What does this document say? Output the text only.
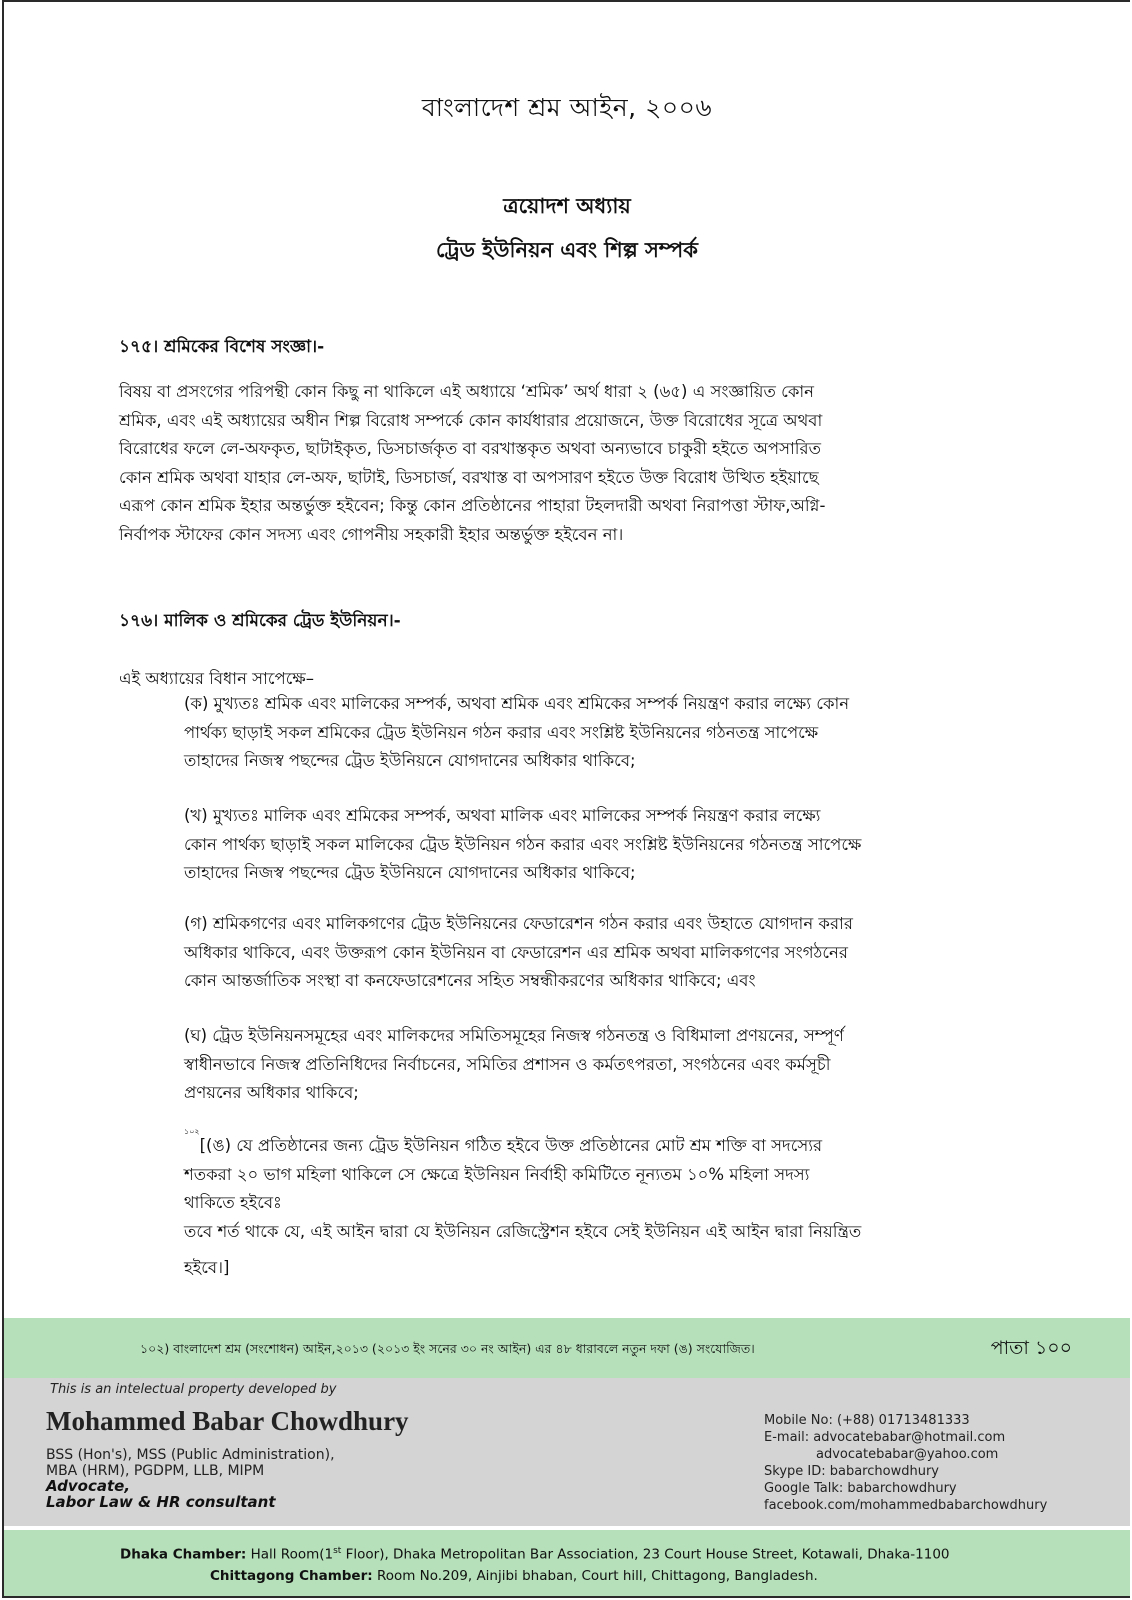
বাংলাদেশ শ্রম আইন, ২০০৬
ত্রয়োদশ অধ্যায়
ট্রেড ইউনিয়ন এবং শিল্প সম্পর্ক
১৭৫। শ্রমিকের বিশেষ সংজ্ঞা।-
বিষয় বা প্রসংগের পরিপন্থী কোন কিছু না থাকিলে এই অধ্যায়ে ‘শ্রমিক’ অর্থ ধারা ২ (৬৫) এ সংজ্ঞায়িত কোন
শ্রমিক, এবং এই অধ্যায়ের অধীন শিল্প বিরোধ সম্পর্কে কোন কার্যধারার প্রয়োজনে, উক্ত বিরোধের সূত্রে অথবা
বিরোধের ফলে লে-অফকৃত, ছাটাইকৃত, ডিসচার্জকৃত বা বরখাস্তকৃত অথবা অন্যভাবে চাকুরী হইতে অপসারিত
কোন শ্রমিক অথবা যাহার লে-অফ, ছাটাই, ডিসচার্জ, বরখাস্ত বা অপসারণ হইতে উক্ত বিরোধ উত্থিত হইয়াছে
এরূপ কোন শ্রমিক ইহার অন্তর্ভুক্ত হইবেন; কিন্তু কোন প্রতিষ্ঠানের পাহারা টহলদারী অথবা নিরাপত্তা স্টাফ,অগ্নি-
নির্বাপক স্টাফের কোন সদস্য এবং গোপনীয় সহকারী ইহার অন্তর্ভুক্ত হইবেন না।
১৭৬। মালিক ও শ্রমিকের ট্রেড ইউনিয়ন।-
এই অধ্যায়ের বিধান সাপেক্ষে–
(ক) মুখ্যতঃ শ্রমিক এবং মালিকের সম্পর্ক, অথবা শ্রমিক এবং শ্রমিকের সম্পর্ক নিয়ন্ত্রণ করার লক্ষ্যে কোন
পার্থক্য ছাড়াই সকল শ্রমিকের ট্রেড ইউনিয়ন গঠন করার এবং সংশ্লিষ্ট ইউনিয়নের গঠনতন্ত্র সাপেক্ষে
তাহাদের নিজস্ব পছন্দের ট্রেড ইউনিয়নে যোগদানের অধিকার থাকিবে;
(খ) মুখ্যতঃ মালিক এবং শ্রমিকের সম্পর্ক, অথবা মালিক এবং মালিকের সম্পর্ক নিয়ন্ত্রণ করার লক্ষ্যে
কোন পার্থক্য ছাড়াই সকল মালিকের ট্রেড ইউনিয়ন গঠন করার এবং সংশ্লিষ্ট ইউনিয়নের গঠনতন্ত্র সাপেক্ষে
তাহাদের নিজস্ব পছন্দের ট্রেড ইউনিয়নে যোগদানের অধিকার থাকিবে;
(গ) শ্রমিকগণের এবং মালিকগণের ট্রেড ইউনিয়নের ফেডারেশন গঠন করার এবং উহাতে যোগদান করার
অধিকার থাকিবে, এবং উক্তরূপ কোন ইউনিয়ন বা ফেডারেশন এর শ্রমিক অথবা মালিকগণের সংগঠনের
কোন আন্তর্জাতিক সংস্থা বা কনফেডারেশনের সহিত সম্বন্ধীকরণের অধিকার থাকিবে; এবং
(ঘ) ট্রেড ইউনিয়নসমূহের এবং মালিকদের সমিতিসমূহের নিজস্ব গঠনতন্ত্র ও বিধিমালা প্রণয়নের, সম্পূর্ণ
স্বাধীনভাবে নিজস্ব প্রতিনিধিদের নির্বাচনের, সমিতির প্রশাসন ও কর্মতৎপরতা, সংগঠনের এবং কর্মসূচী
প্রণয়নের অধিকার থাকিবে;
$^{১০২}$[(ঙ) যে প্রতিষ্ঠানের জন্য ট্রেড ইউনিয়ন গঠিত হইবে উক্ত প্রতিষ্ঠানের মোট শ্রম শক্তি বা সদস্যের
শতকরা ২০ ভাগ মহিলা থাকিলে সে ক্ষেত্রে ইউনিয়ন নির্বাহী কমিটিতে নূন্যতম ১০% মহিলা সদস্য
থাকিতে হইবেঃ
তবে শর্ত থাকে যে, এই আইন দ্বারা যে ইউনিয়ন রেজিস্ট্রেশন হইবে সেই ইউনিয়ন এই আইন দ্বারা নিয়ন্ত্রিত
হইবে।]
১০২) বাংলাদেশ শ্রম (সংশোধন) আইন,২০১৩ (২০১৩ ইং সনের ৩০ নং আইন) এর ৪৮ ধারাবলে নতুন দফা (ঙ) সংযোজিত।	পাতা ১০০
This is an intelectual property developed by
Mohammed Babar Chowdhury
BSS (Hon's), MSS (Public Administration),
MBA (HRM), PGDPM, LLB, MIPM
Advocate,
Labor Law & HR consultant
Mobile No: (+88) 01713481333
E-mail: advocatebabar@hotmail.com
advocatebabar@yahoo.com
Skype ID: babarchowdhury
Google Talk: babarchowdhury
facebook.com/mohammedbabarchowdhury
Dhaka Chamber: Hall Room(1st Floor), Dhaka Metropolitan Bar Association, 23 Court House Street, Kotawali, Dhaka-1100
Chittagong Chamber: Room No.209, Ainjibi bhaban, Court hill, Chittagong, Bangladesh.
